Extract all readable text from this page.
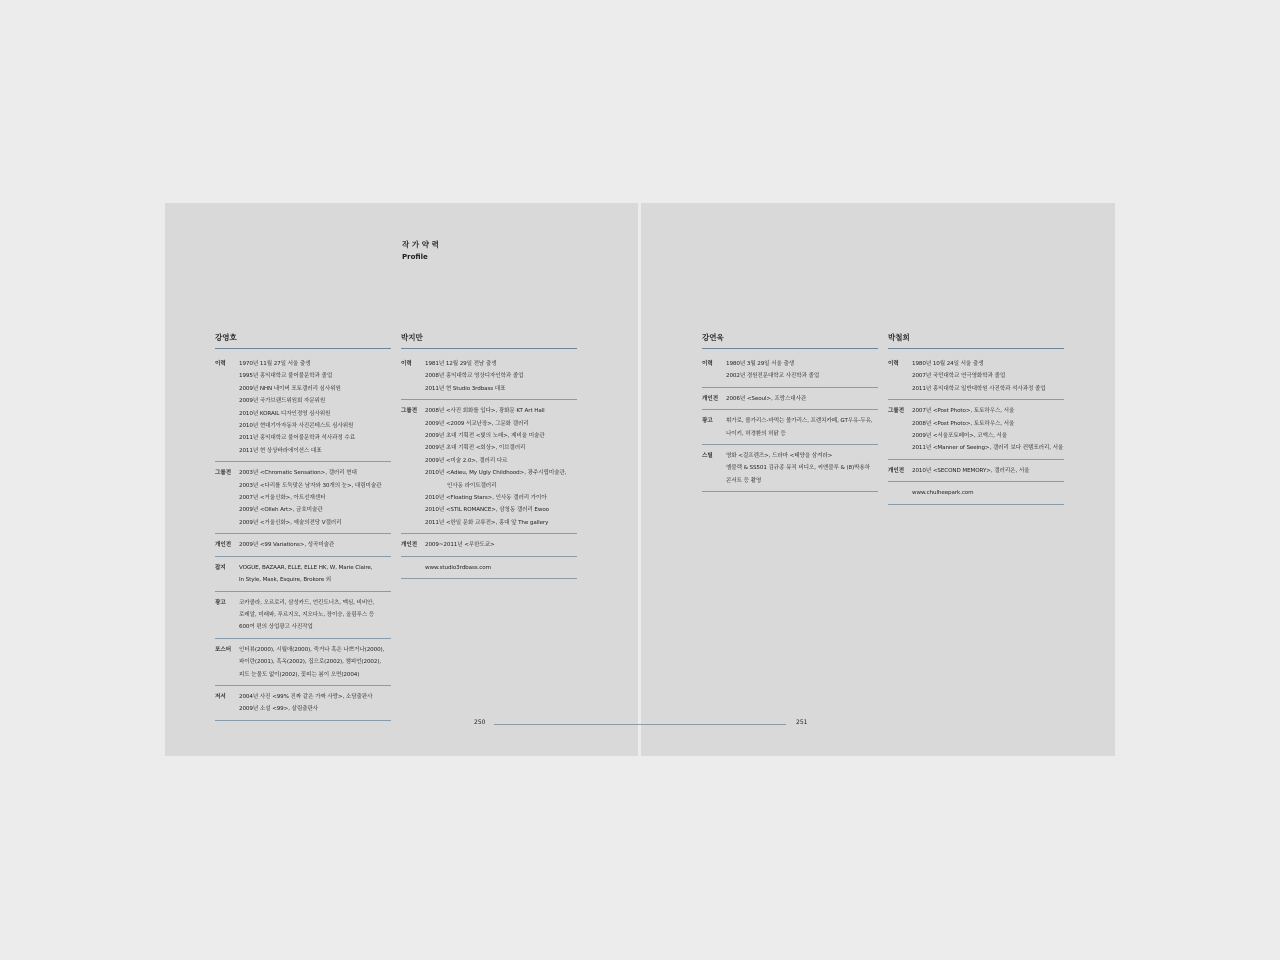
작 가 약 력
Profile
강영호
이력	1970년 11월 27일 서울 출생
1995년 홍익대학교 불어불문학과 졸업
2009년 NHN 네이버 포토갤러리 심사위원
2009년 국가브랜드위원회 자문위원
2010년 KORAIL 디자인경영 심사위원
2010년 현대기아자동차 사진콘테스트 심사위원
2011년 홍익대학교 불어불문학과 석사과정 수료
2011년 현 상상바라에이션스 대표
그룹전	2003년 <Chromatic Sensation>, 갤러리 현대
2003년 <다리를 도둑맞은 남자와 30개의 눈>, 대림미술관
2007년 <거울신화>, 아트선재센터
2009년 <Olleh Art>, 금호미술관
2009년 <거울신화>, 예술의전당 V갤러리
개인전	2009년 <99 Variations>, 성곡미술관
잡지	VOGUE, BAZAAR, ELLE, ELLE HK, W, Marie Claire,
In Style, Mask, Esquire, Brokore 외
광고	코카콜라, 오르로리, 삼성카드, 언킨도너츠, 맥심, 비비안,
로레알, 미래파, 푸르지오, 지오다노, 장이승, 올림푸스 등
600여 편의 상업광고 사진작업
포스터	인터뷰(2000), 시월애(2000), 죽거나 혹은 나쁘거나(2000),
파이란(2001), 흑옥(2002), 집으로(2002), 챔피언(2002),
피도 눈물도 없이(2002), 꽃피는 봄이 오면(2004)
저서	2004년 사진 <99% 진짜 같은 가짜 사랑>, 소담출판사
2009년 소설 <99>, 살림출판사
박지만
이력	1981년 12월 29일 전남 출생
2008년 홍익대학교 영상디자인학과 졸업
2011년 현 Studio 3rdbass 대표
그룹전	2008년 <사진 회화를 입다>, 광화문 KT Art Hall
2009년 <2009 서교난장>, 그문화 갤러리
2009년 초대 기획전 <빛의 노래>, 제비울 미술관
2009년 초대 기획전 <회상>, 이브갤러리
2009년 <미술 2.0>, 갤러리 다르
2010년 <Adieu, My Ugly Childhood>, 광주시립미술관,
인사동 라이트갤러리
2010년 <Floating Stars>, 인사동 갤러리 가이아
2010년 <STIL ROMANCE>, 삼청동 갤러리 Ewoo
2011년 <한일 문화 교류전>, 홍대 앞 The gallery
개인전	2009~2011년 <무한도쿄>
www.studio3rdbass.com
강연욱
이력	1980년 3월 29일 서울 출생
2002년 경원전문대학교 사진학과 졸업
개인전	2006년 <Seoul>, 프랑스대사관
광고	휘가로, 볼가리스-마먹는 볼가리스, 프렌치카페, GT우유-두유,
나이키, 허경환의 허닭 등
스틸	영화 <걸프렌즈>, 드라마 <태양을 삼켜라>
엠블랙 & SS501 김규종 뮤직 비디오, 씨엔블루 & (8)박용하
콘서트 등 촬영
박철희
이력	1980년 10월 24일 서울 출생
2007년 국민대학교 연극영화학과 졸업
2011년 홍익대학교 일반대학원 사진학과 석사과정 졸업
그룹전	2007년 <Post Photo>, 토토하우스, 서울
2008년 <Post Photo>, 토토하우스, 서울
2009년 <서울포토페어>, 코엑스, 서울
2011년 <Manner of Seeing>, 갤러리 보다 컨템포러리, 서울
개인전	2010년 <SECOND MEMORY>, 갤러리온, 서울
www.chulheepark.com
250	251
